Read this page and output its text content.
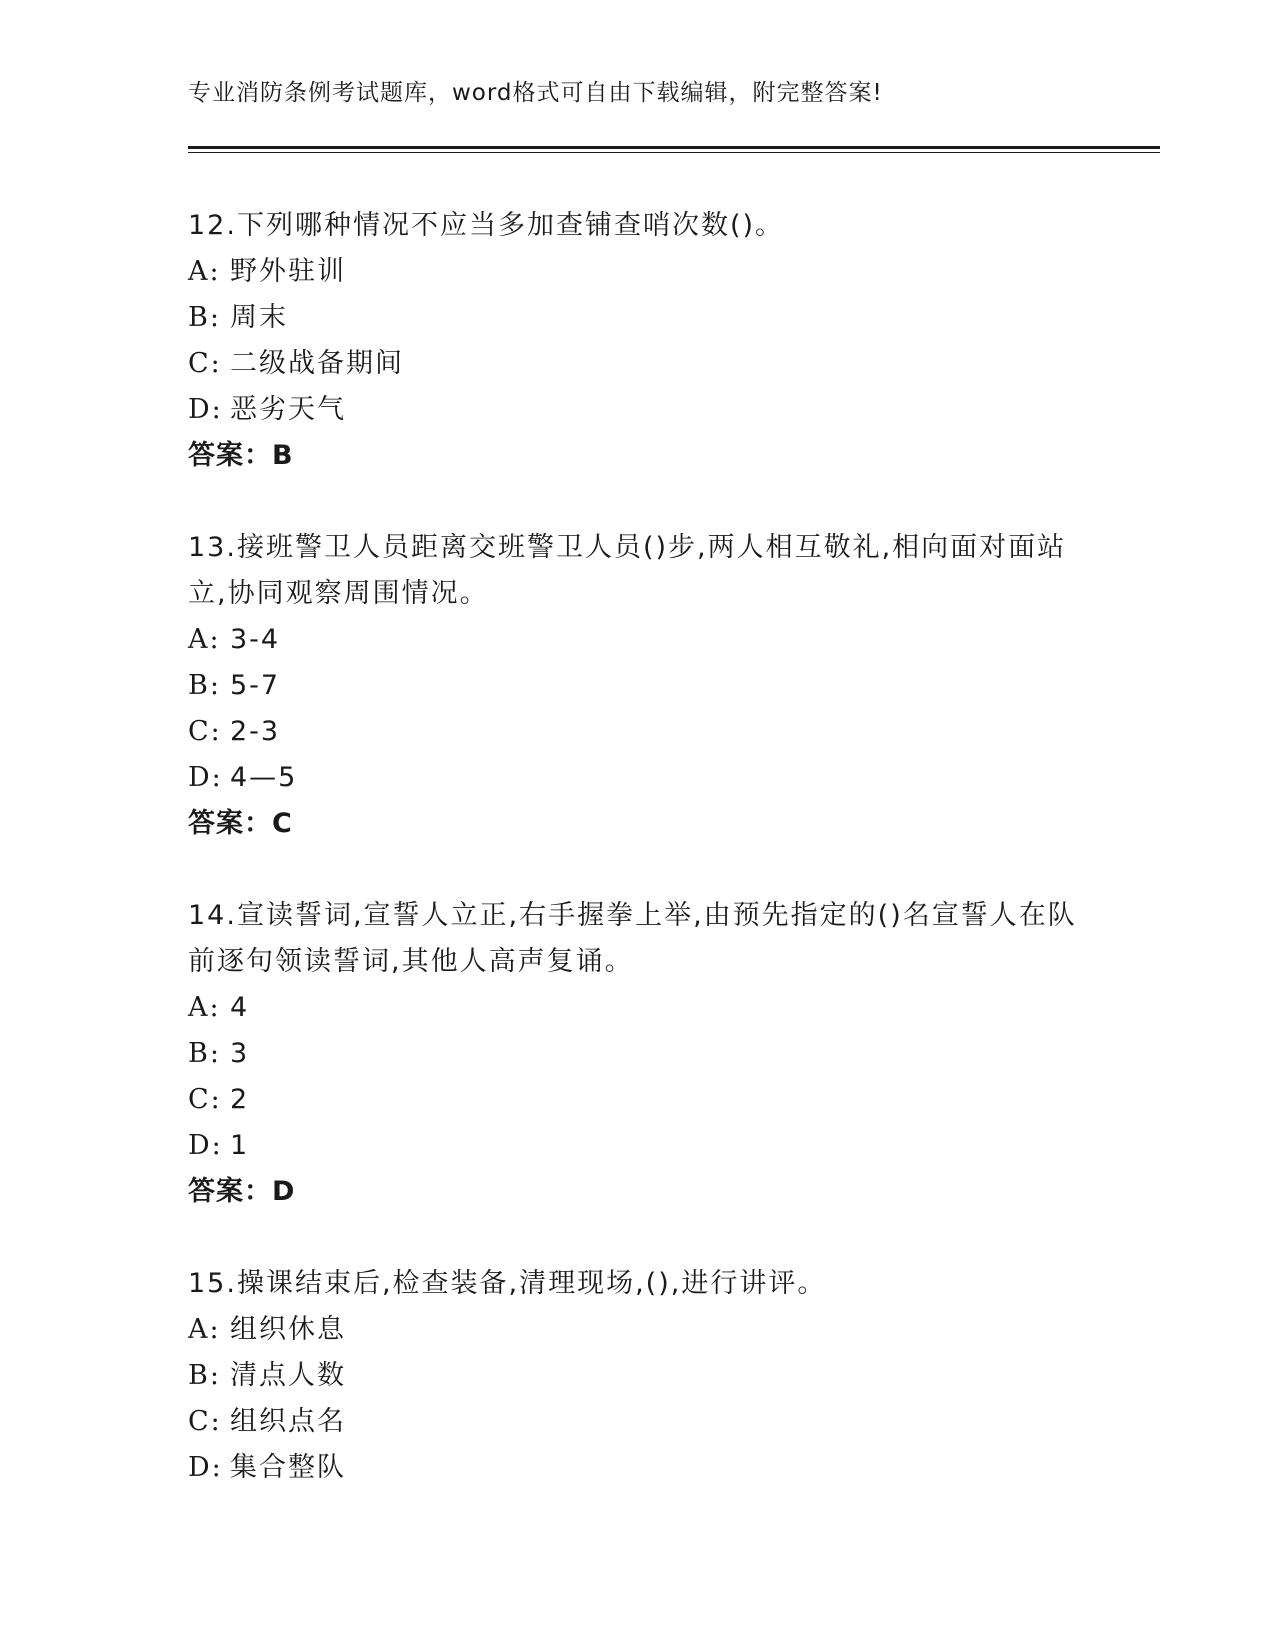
专业消防条例考试题库，word格式可自由下载编辑，附完整答案!

12.下列哪种情况不应当多加查铺查哨次数()。

A: 野外驻训

B: 周末

C: 二级战备期间

D: 恶劣天气

答案：B

13.接班警卫人员距离交班警卫人员()步,两人相互敬礼,相向面对面站立,协同观察周围情况。

A: 3-4

B: 5-7

C: 2-3

D: 4—5

答案：C

14.宣读誓词,宣誓人立正,右手握拳上举,由预先指定的()名宣誓人在队前逐句领读誓词,其他人高声复诵。

A: 4

B: 3

C: 2

D: 1

答案：D

15.操课结束后,检查装备,清理现场,(),进行讲评。

A: 组织休息

B: 清点人数

C: 组织点名

D: 集合整队
